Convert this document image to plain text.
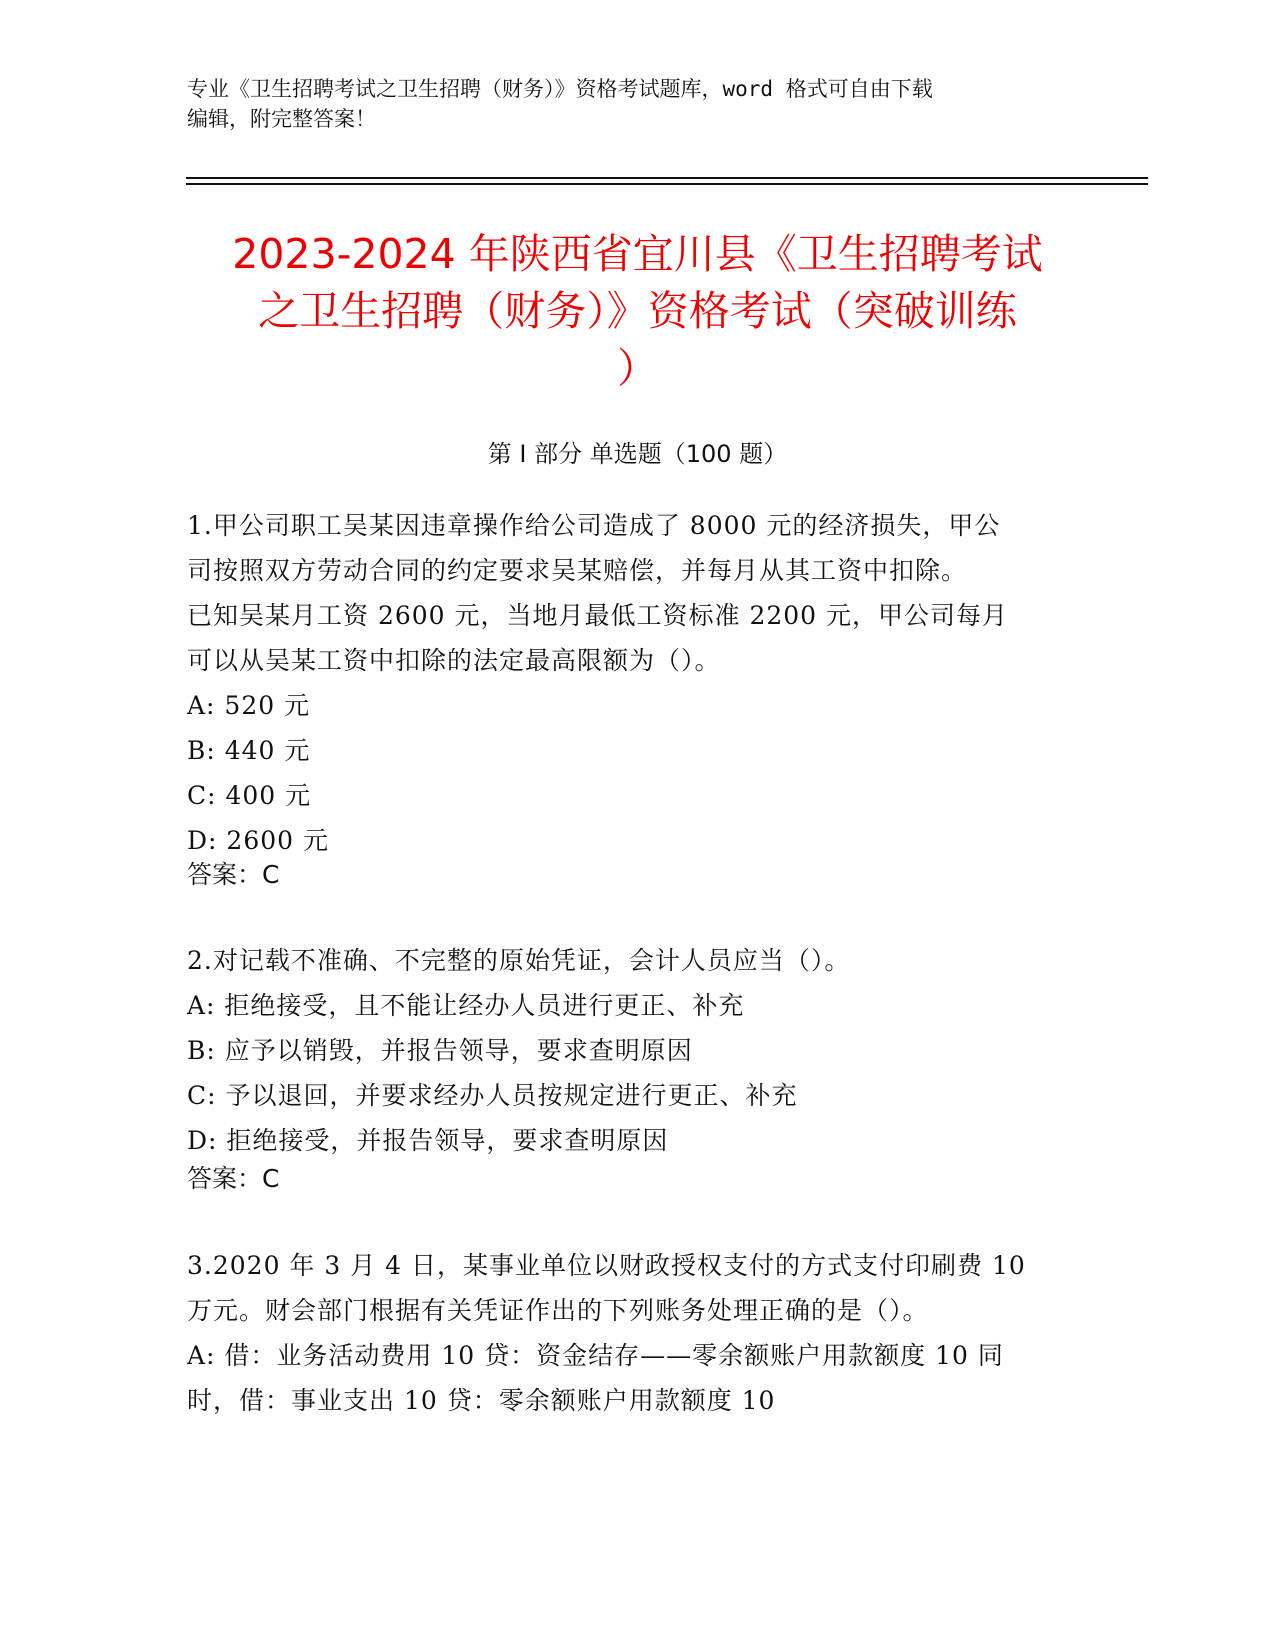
专业《卫生招聘考试之卫生招聘（财务）》资格考试题库，word 格式可自由下载
编辑，附完整答案！
2023-2024 年陕西省宜川县《卫生招聘考试
之卫生招聘（财务）》资格考试（突破训练
）
第 I 部分 单选题（100 题）
1.甲公司职工吴某因违章操作给公司造成了 8000 元的经济损失，甲公
司按照双方劳动合同的约定要求吴某赔偿，并每月从其工资中扣除。
已知吴某月工资 2600 元，当地月最低工资标准 2200 元，甲公司每月
可以从吴某工资中扣除的法定最高限额为（）。
A: 520 元
B: 440 元
C: 400 元
D: 2600 元
答案：C
2.对记载不准确、不完整的原始凭证，会计人员应当（）。
A: 拒绝接受，且不能让经办人员进行更正、补充
B: 应予以销毁，并报告领导，要求查明原因
C: 予以退回，并要求经办人员按规定进行更正、补充
D: 拒绝接受，并报告领导，要求查明原因
答案：C
3.2020 年 3 月 4 日，某事业单位以财政授权支付的方式支付印刷费 10
万元。财会部门根据有关凭证作出的下列账务处理正确的是（）。
A: 借：业务活动费用 10 贷：资金结存——零余额账户用款额度 10 同
时，借：事业支出 10 贷：零余额账户用款额度 10
